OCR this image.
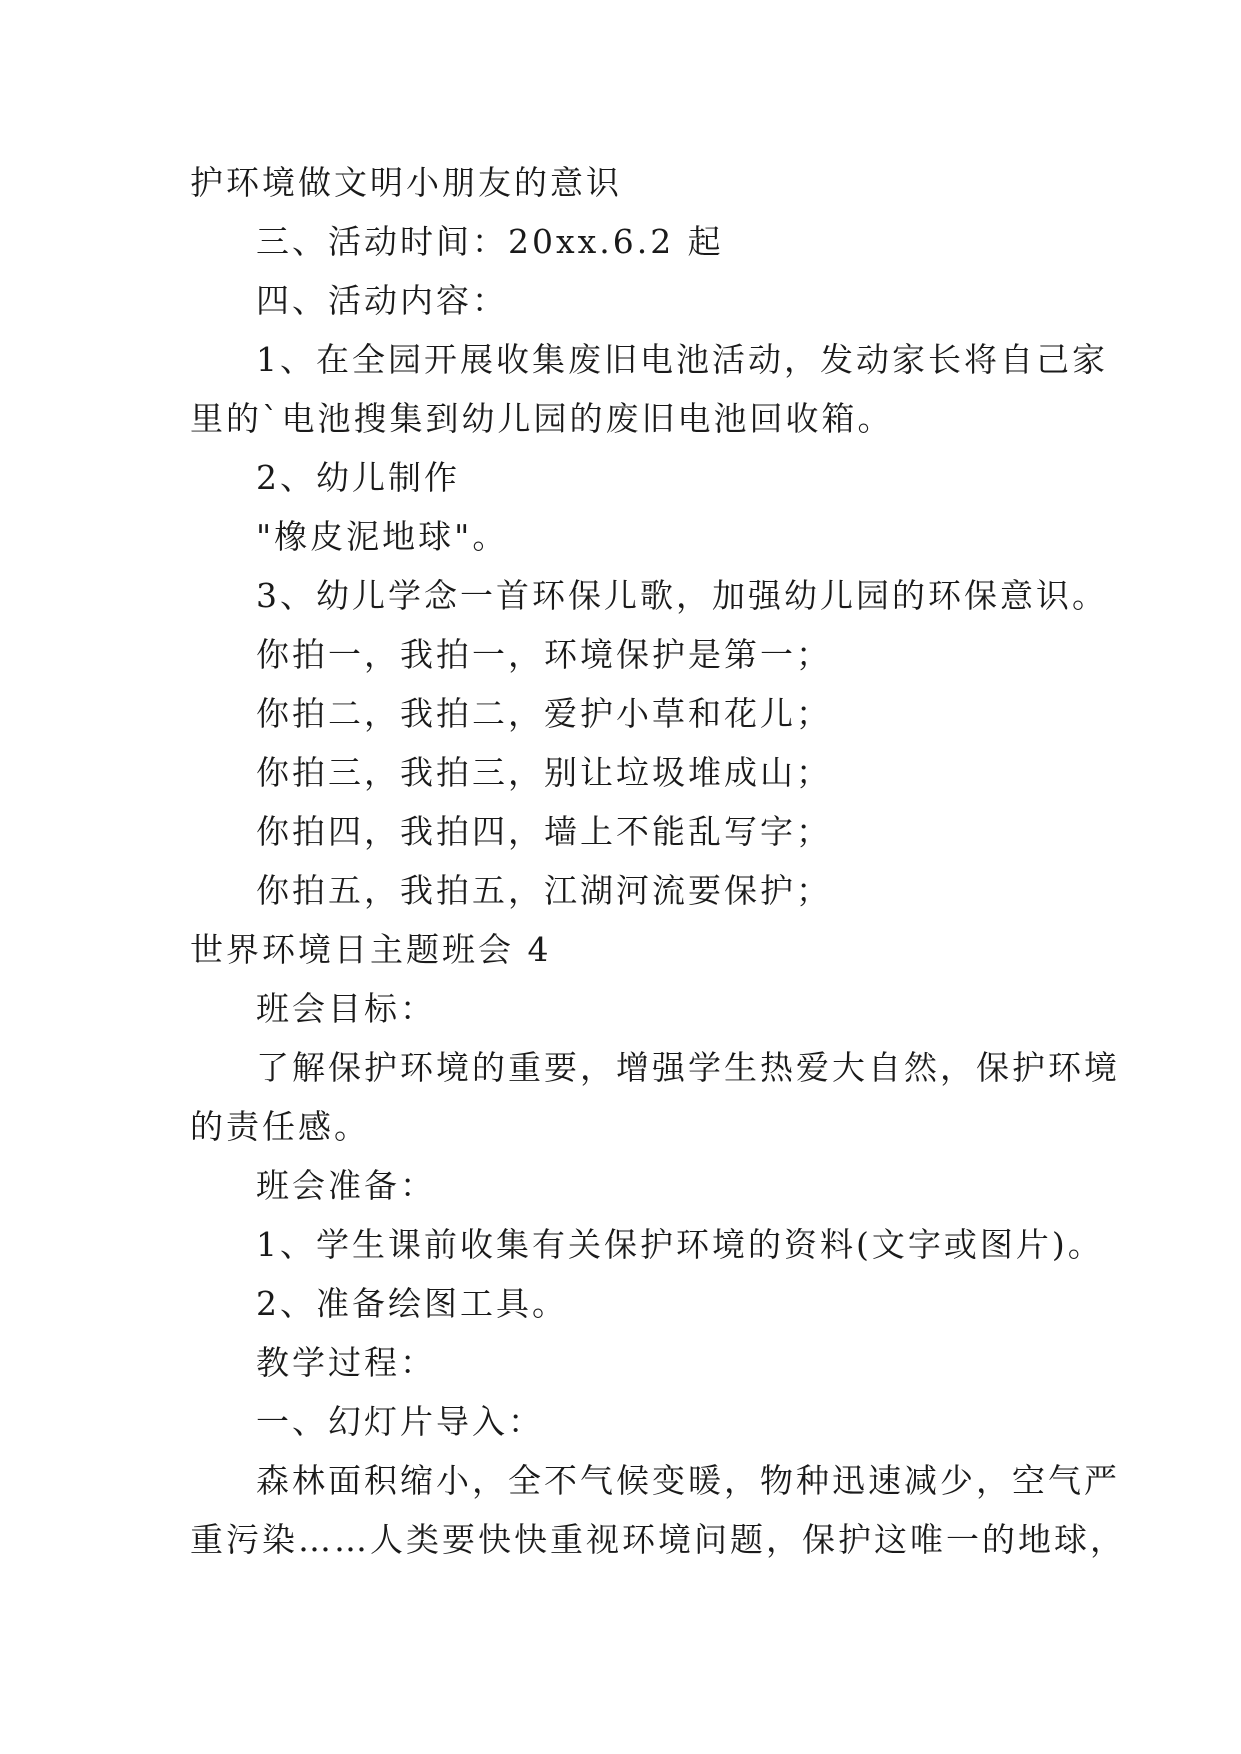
护环境做文明小朋友的意识
三、活动时间：20xx.6.2 起
四、活动内容：
1、在全园开展收集废旧电池活动，发动家长将自己家
里的`电池搜集到幼儿园的废旧电池回收箱。
2、幼儿制作
"橡皮泥地球"。
3、幼儿学念一首环保儿歌，加强幼儿园的环保意识。
你拍一，我拍一，环境保护是第一；
你拍二，我拍二，爱护小草和花儿；
你拍三，我拍三，别让垃圾堆成山；
你拍四，我拍四，墙上不能乱写字；
你拍五，我拍五，江湖河流要保护；
世界环境日主题班会 4
班会目标：
了解保护环境的重要，增强学生热爱大自然，保护环境
的责任感。
班会准备：
1、学生课前收集有关保护环境的资料(文字或图片)。
2、准备绘图工具。
教学过程：
一、幻灯片导入：
森林面积缩小，全不气候变暖，物种迅速减少，空气严
重污染……人类要快快重视环境问题，保护这唯一的地球，
